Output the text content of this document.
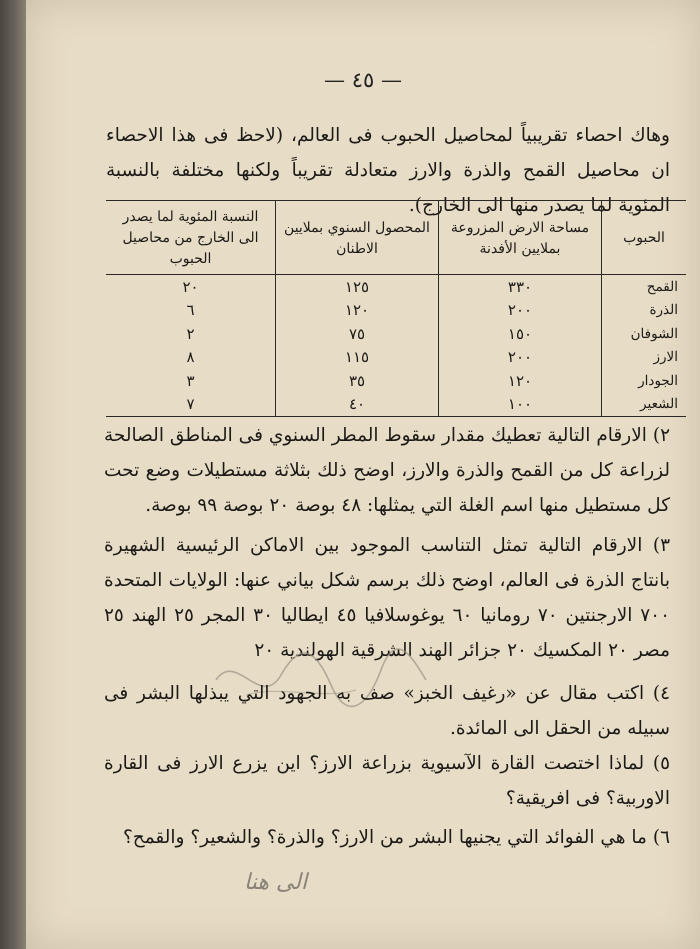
— ٤٥ —
وهاك احصاء تقريبياً لمحاصيل الحبوب فى العالم، (لاحظ فى هذا الاحصاء ان محاصيل القمح والذرة والارز متعادلة تقريباً ولكنها مختلفة بالنسبة المئوية لما يصدر منها الى الخارج).
الحبوب	مساحة الارض المزروعة بملايين الأفدنة	المحصول السنوي بملايين الاطنان	النسبة المئوية لما يصدر الى الخارج من محاصيل الحبوب
القمح	٣٣٠	١٢٥	٢٠
الذرة	٢٠٠	١٢٠	٦
الشوفان	١٥٠	٧٥	٢
الارز	٢٠٠	١١٥	٨
الجودار	١٢٠	٣٥	٣
الشعير	١٠٠	٤٠	٧
٢) الارقام التالية تعطيك مقدار سقوط المطر السنوي فى المناطق الصالحة لزراعة كل من القمح والذرة والارز، اوضح ذلك بثلاثة مستطيلات وضع تحت كل مستطيل منها اسم الغلة التي يمثلها: ٤٨ بوصة ٢٠ بوصة ٩٩ بوصة.
٣) الارقام التالية تمثل التناسب الموجود بين الاماكن الرئيسية الشهيرة بانتاج الذرة فى العالم، اوضح ذلك برسم شكل بياني عنها: الولايات المتحدة ٧٠٠ الارجنتين ٧٠ رومانيا ٦٠ يوغوسلافيا ٤٥ ايطاليا ٣٠ المجر ٢٥ الهند ٢٥ مصر ٢٠ المكسيك ٢٠ جزائر الهند الشرقية الهولندية ٢٠
٤) اكتب مقال عن «رغيف الخبز» صف به الجهود التي يبذلها البشر فى سبيله من الحقل الى المائدة.
٥) لماذا اختصت القارة الآسيوية بزراعة الارز؟ اين يزرع الارز فى القارة الاوربية؟ فى افريقية؟
٦) ما هي الفوائد التي يجنيها البشر من الارز؟ والذرة؟ والشعير؟ والقمح؟
الى هنا
